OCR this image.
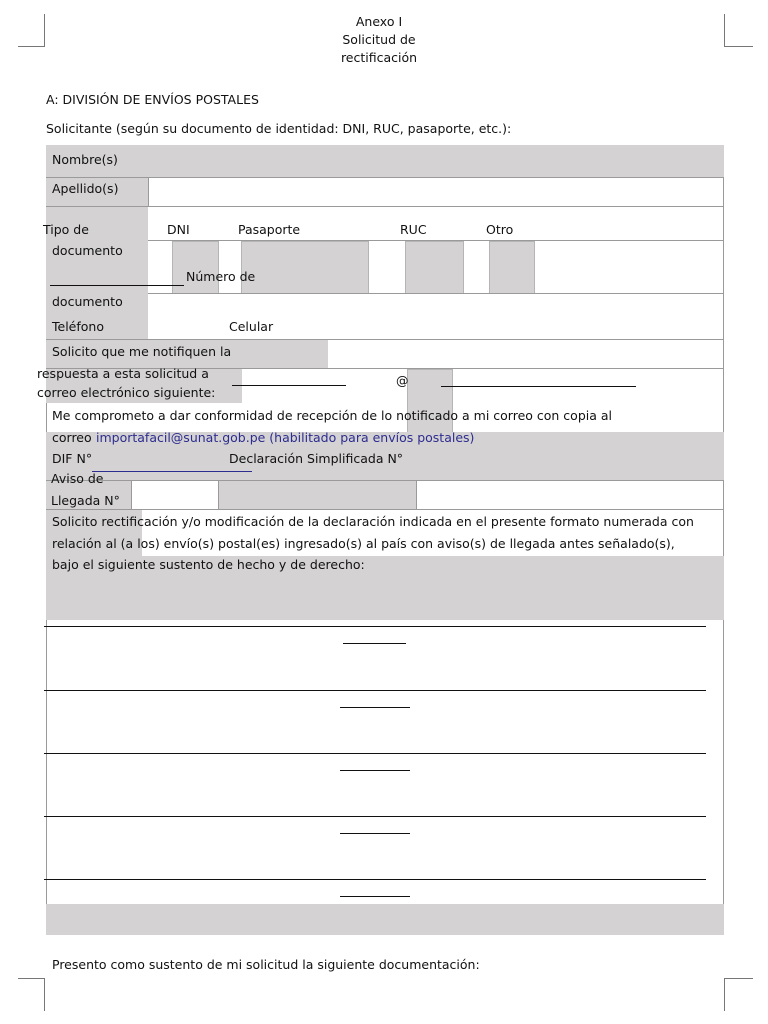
Anexo I
Solicitud de
rectificación
A: DIVISIÓN DE ENVÍOS POSTALES
Solicitante (según su documento de identidad: DNI, RUC, pasaporte, etc.):
Nombre(s)
Apellido(s)
Tipo de
documento
DNI	Pasaporte	RUC	Otro
Número de
documento
Teléfono	Celular
Solicito que me notifiquen la
respuesta a esta solicitud a
correo electrónico siguiente:
@
Me comprometo a dar conformidad de recepción de lo notificado a mi correo con copia al
correo importafacil@sunat.gob.pe (habilitado para envíos postales)
DIF N°	Declaración Simplificada N°
Aviso de
Llegada N°
Solicito rectificación y/o modificación de la declaración indicada en el presente formato numerada con
relación al (a los) envío(s) postal(es) ingresado(s) al país con aviso(s) de llegada antes señalado(s),
bajo el siguiente sustento de hecho y de derecho:
Presento como sustento de mi solicitud la siguiente documentación:
